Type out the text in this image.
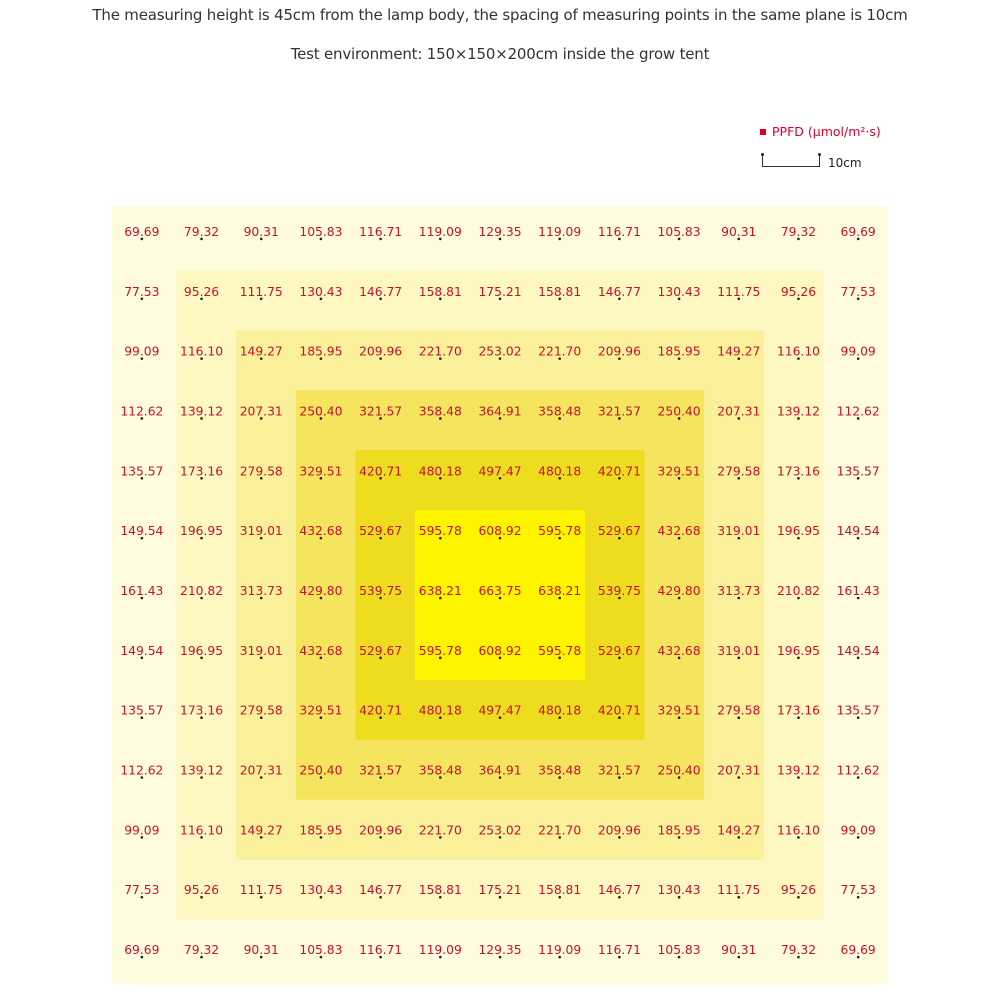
The measuring height is 45cm from the lamp body, the spacing of measuring points in the same plane is 10cm
Test environment: 150×150×200cm inside the grow tent
PPFD (μmol/m²·s)
10cm
69.69 79.32 90.31 105.83 116.71 119.09 129.35 119.09 116.71 105.83 90.31 79.32 69.69
77.53 95.26 111.75 130.43 146.77 158.81 175.21 158.81 146.77 130.43 111.75 95.26 77.53
99.09 116.10 149.27 185.95 209.96 221.70 253.02 221.70 209.96 185.95 149.27 116.10 99.09
112.62 139.12 207.31 250.40 321.57 358.48 364.91 358.48 321.57 250.40 207.31 139.12 112.62
135.57 173.16 279.58 329.51 420.71 480.18 497.47 480.18 420.71 329.51 279.58 173.16 135.57
149.54 196.95 319.01 432.68 529.67 595.78 608.92 595.78 529.67 432.68 319.01 196.95 149.54
161.43 210.82 313.73 429.80 539.75 638.21 663.75 638.21 539.75 429.80 313.73 210.82 161.43
149.54 196.95 319.01 432.68 529.67 595.78 608.92 595.78 529.67 432.68 319.01 196.95 149.54
135.57 173.16 279.58 329.51 420.71 480.18 497.47 480.18 420.71 329.51 279.58 173.16 135.57
112.62 139.12 207.31 250.40 321.57 358.48 364.91 358.48 321.57 250.40 207.31 139.12 112.62
99.09 116.10 149.27 185.95 209.96 221.70 253.02 221.70 209.96 185.95 149.27 116.10 99.09
77.53 95.26 111.75 130.43 146.77 158.81 175.21 158.81 146.77 130.43 111.75 95.26 77.53
69.69 79.32 90.31 105.83 116.71 119.09 129.35 119.09 116.71 105.83 90.31 79.32 69.69
